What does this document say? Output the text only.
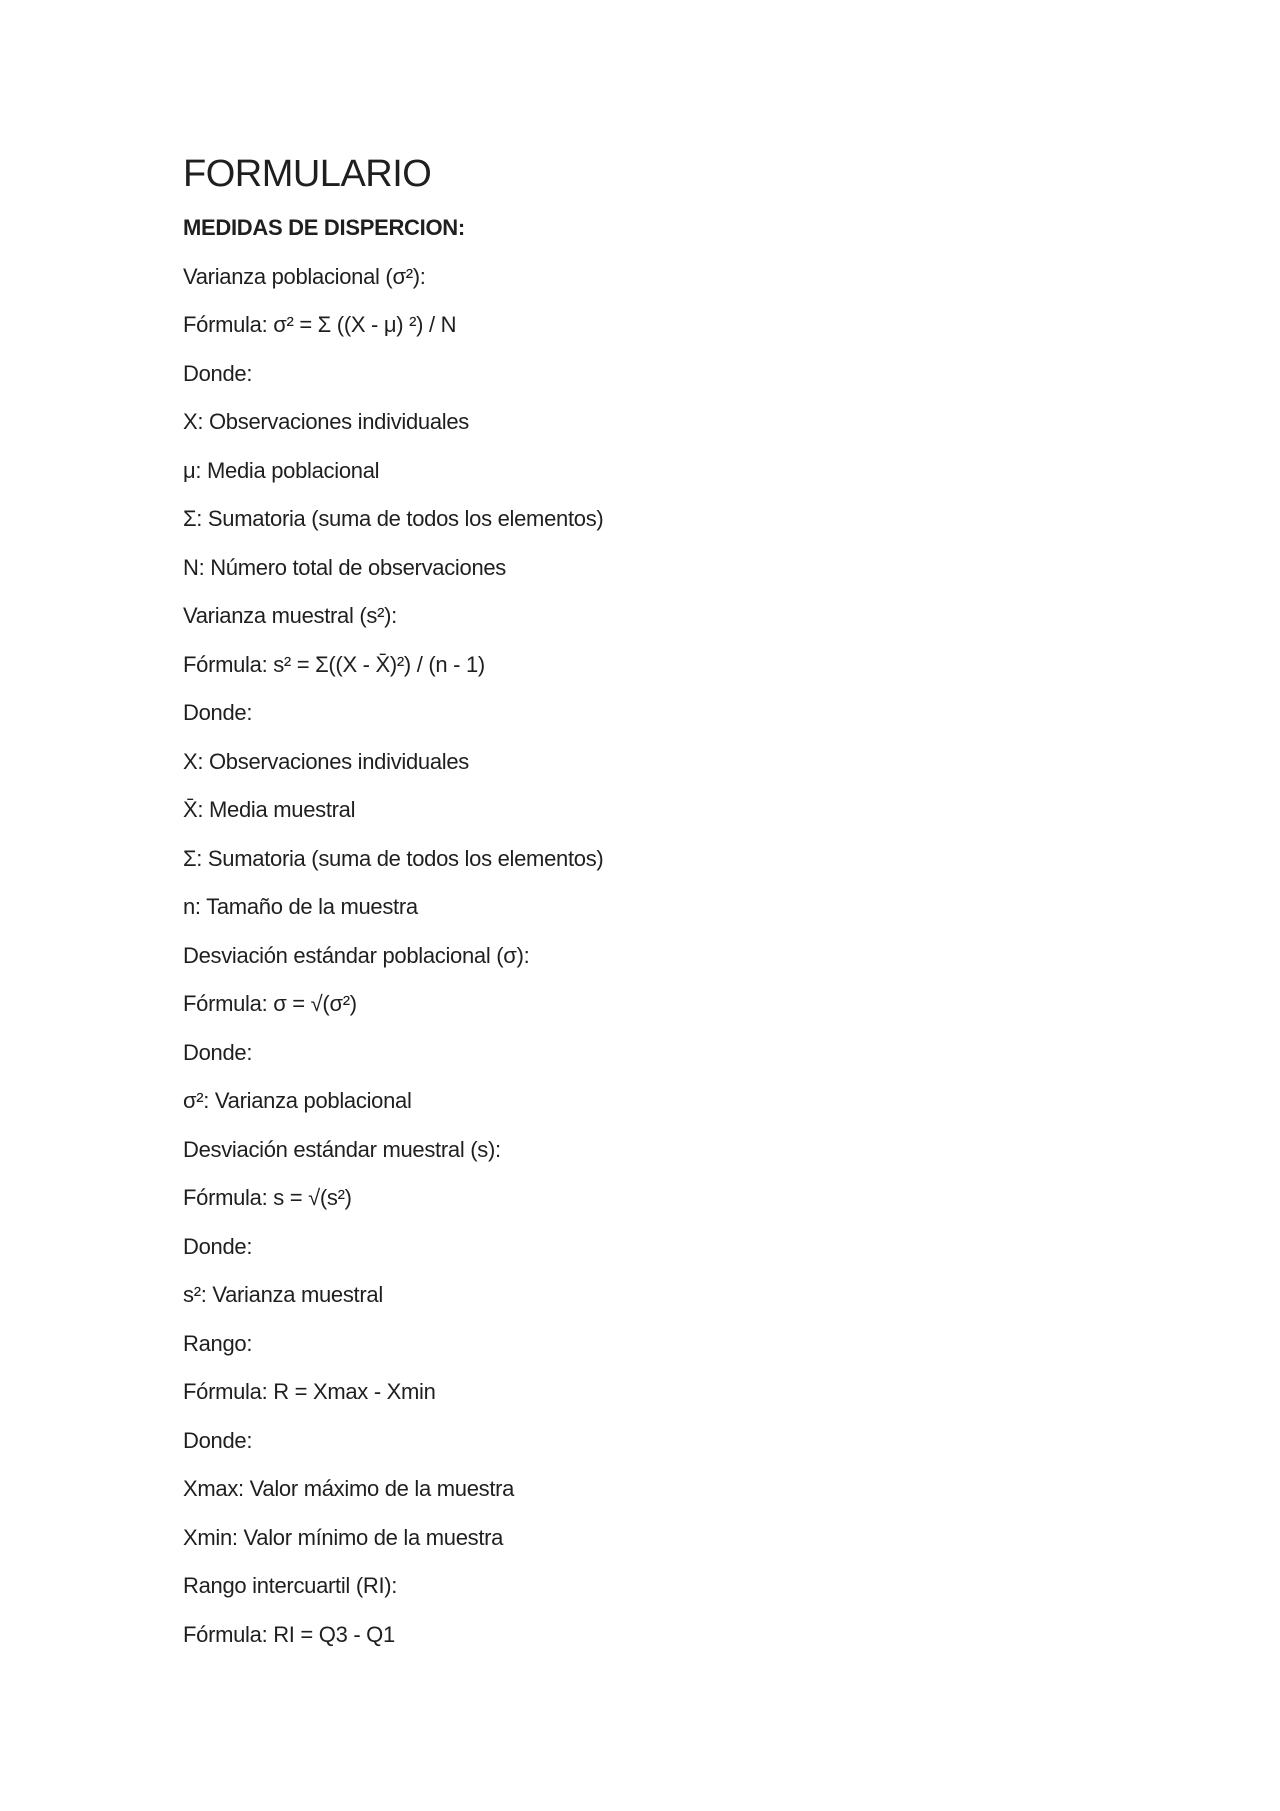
FORMULARIO

MEDIDAS DE DISPERCION:

Varianza poblacional (σ²):

Fórmula: σ² = Σ ((X - μ) ²) / N

Donde:

X: Observaciones individuales

μ: Media poblacional

Σ: Sumatoria (suma de todos los elementos)

N: Número total de observaciones

Varianza muestral (s²):

Fórmula: s² = Σ((X - X̄)²) / (n - 1)

Donde:

X: Observaciones individuales

X̄: Media muestral

Σ: Sumatoria (suma de todos los elementos)

n: Tamaño de la muestra

Desviación estándar poblacional (σ):

Fórmula: σ = √(σ²)

Donde:

σ²: Varianza poblacional

Desviación estándar muestral (s):

Fórmula: s = √(s²)

Donde:

s²: Varianza muestral

Rango:

Fórmula: R = Xmax - Xmin

Donde:

Xmax: Valor máximo de la muestra

Xmin: Valor mínimo de la muestra

Rango intercuartil (RI):

Fórmula: RI = Q3 - Q1
